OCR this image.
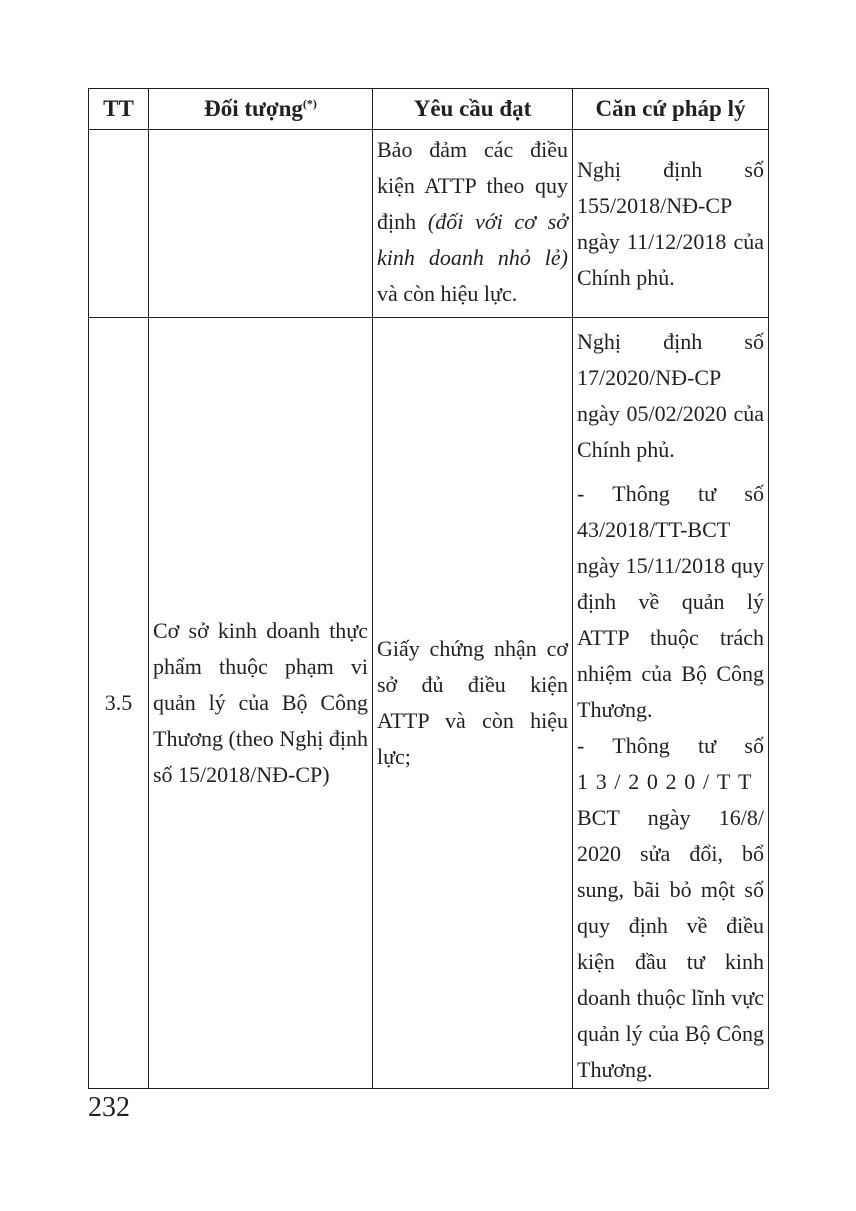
TT	Đối tượng(*)	Yêu cầu đạt	Căn cứ pháp lý
		Bảo đảm các điều kiện ATTP theo quy định (đối với cơ sở kinh doanh nhỏ lẻ) và còn hiệu lực.	Nghị định số 155/2018/NĐ-CP ngày 11/12/2018 của Chính phủ.
3.5	Cơ sở kinh doanh thực phẩm thuộc phạm vi quản lý của Bộ Công Thương (theo Nghị định số 15/2018/NĐ-CP)	Giấy chứng nhận cơ sở đủ điều kiện ATTP và còn hiệu lực;	Nghị định số 17/2020/NĐ-CP ngày 05/02/2020 của Chính phủ.

- Thông tư số 43/2018/TT-BCT ngày 15/11/2018 quy định về quản lý ATTP thuộc trách nhiệm của Bộ Công Thương.

- Thông tư số 13/2020/TT BCT ngày 16/8/ 2020 sửa đổi, bổ sung, bãi bỏ một số quy định về điều kiện đầu tư kinh doanh thuộc lĩnh vực quản lý của Bộ Công Thương.

232
